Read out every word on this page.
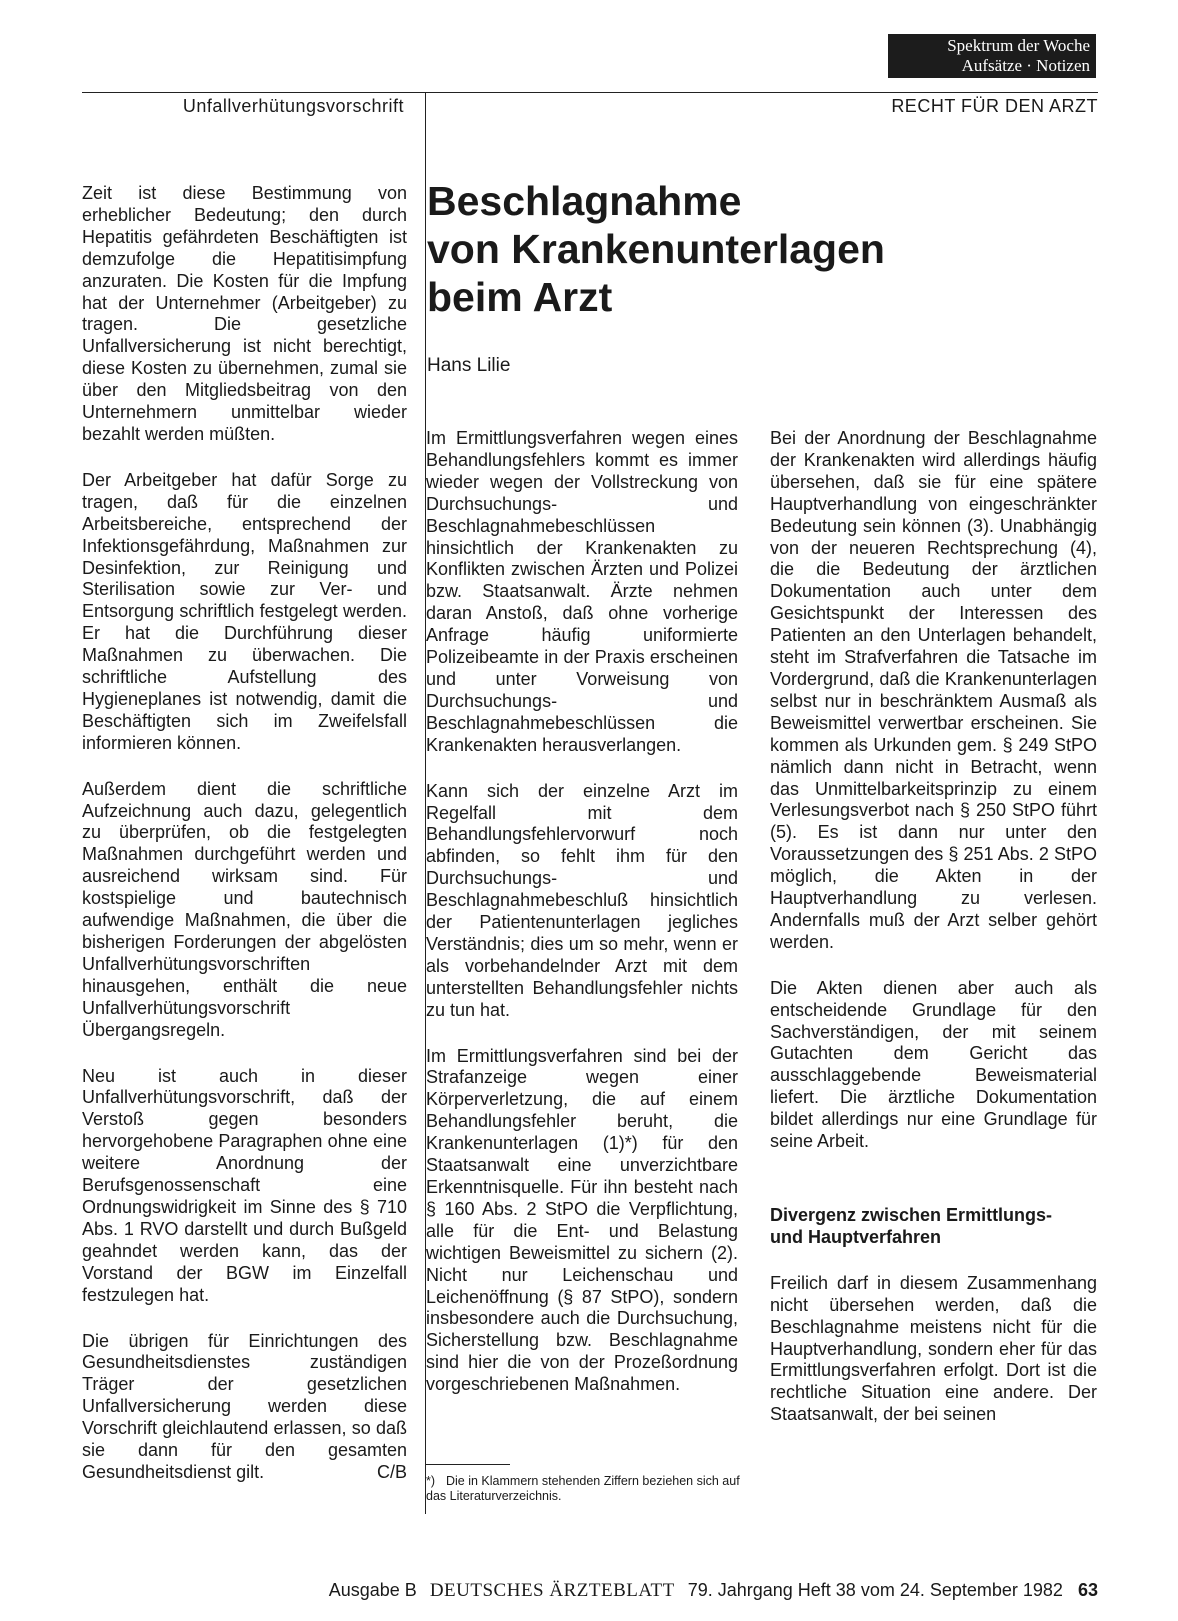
Spektrum der Woche
Aufsätze · Notizen
Unfallverhütungsvorschrift	RECHT FÜR DEN ARZT

Zeit ist diese Bestimmung von erheblicher Bedeutung; den durch Hepatitis gefährdeten Beschäftigten ist demzufolge die Hepatitisimpfung anzuraten. Die Kosten für die Impfung hat der Unternehmer (Arbeitgeber) zu tragen. Die gesetzliche Unfallversicherung ist nicht berechtigt, diese Kosten zu übernehmen, zumal sie über den Mitgliedsbeitrag von den Unternehmern unmittelbar wieder bezahlt werden müßten.

Der Arbeitgeber hat dafür Sorge zu tragen, daß für die einzelnen Arbeitsbereiche, entsprechend der Infektionsgefährdung, Maßnahmen zur Desinfektion, zur Reinigung und Sterilisation sowie zur Ver- und Entsorgung schriftlich festgelegt werden. Er hat die Durchführung dieser Maßnahmen zu überwachen. Die schriftliche Aufstellung des Hygieneplanes ist notwendig, damit die Beschäftigten sich im Zweifelsfall informieren können.

Außerdem dient die schriftliche Aufzeichnung auch dazu, gelegentlich zu überprüfen, ob die festgelegten Maßnahmen durchgeführt werden und ausreichend wirksam sind. Für kostspielige und bautechnisch aufwendige Maßnahmen, die über die bisherigen Forderungen der abgelösten Unfallverhütungsvorschriften hinausgehen, enthält die neue Unfallverhütungsvorschrift Übergangsregeln.

Neu ist auch in dieser Unfallverhütungsvorschrift, daß der Verstoß gegen besonders hervorgehobene Paragraphen ohne eine weitere Anordnung der Berufsgenossenschaft eine Ordnungswidrigkeit im Sinne des § 710 Abs. 1 RVO darstellt und durch Bußgeld geahndet werden kann, das der Vorstand der BGW im Einzelfall festzulegen hat.

Die übrigen für Einrichtungen des Gesundheitsdienstes zuständigen Träger der gesetzlichen Unfallversicherung werden diese Vorschrift gleichlautend erlassen, so daß sie dann für den gesamten Gesundheitsdienst gilt.	C/B

Beschlagnahme
von Krankenunterlagen
beim Arzt
Hans Lilie

Im Ermittlungsverfahren wegen eines Behandlungsfehlers kommt es immer wieder wegen der Vollstreckung von Durchsuchungs- und Beschlagnahmebeschlüssen hinsichtlich der Krankenakten zu Konflikten zwischen Ärzten und Polizei bzw. Staatsanwalt. Ärzte nehmen daran Anstoß, daß ohne vorherige Anfrage häufig uniformierte Polizeibeamte in der Praxis erscheinen und unter Vorweisung von Durchsuchungs- und Beschlagnahmebeschlüssen die Krankenakten herausverlangen.

Kann sich der einzelne Arzt im Regelfall mit dem Behandlungsfehlervorwurf noch abfinden, so fehlt ihm für den Durchsuchungs- und Beschlagnahmebeschluß hinsichtlich der Patientenunterlagen jegliches Verständnis; dies um so mehr, wenn er als vorbehandelnder Arzt mit dem unterstellten Behandlungsfehler nichts zu tun hat.

Im Ermittlungsverfahren sind bei der Strafanzeige wegen einer Körperverletzung, die auf einem Behandlungsfehler beruht, die Krankenunterlagen (1)*) für den Staatsanwalt eine unverzichtbare Erkenntnisquelle. Für ihn besteht nach § 160 Abs. 2 StPO die Verpflichtung, alle für die Ent- und Belastung wichtigen Beweismittel zu sichern (2). Nicht nur Leichenschau und Leichenöffnung (§ 87 StPO), sondern insbesondere auch die Durchsuchung, Sicherstellung bzw. Beschlagnahme sind hier die von der Prozeßordnung vorgeschriebenen Maßnahmen.

Bei der Anordnung der Beschlagnahme der Krankenakten wird allerdings häufig übersehen, daß sie für eine spätere Hauptverhandlung von eingeschränkter Bedeutung sein können (3). Unabhängig von der neueren Rechtsprechung (4), die die Bedeutung der ärztlichen Dokumentation auch unter dem Gesichtspunkt der Interessen des Patienten an den Unterlagen behandelt, steht im Strafverfahren die Tatsache im Vordergrund, daß die Krankenunterlagen selbst nur in beschränktem Ausmaß als Beweismittel verwertbar erscheinen. Sie kommen als Urkunden gem. § 249 StPO nämlich dann nicht in Betracht, wenn das Unmittelbarkeitsprinzip zu einem Verlesungsverbot nach § 250 StPO führt (5). Es ist dann nur unter den Voraussetzungen des § 251 Abs. 2 StPO möglich, die Akten in der Hauptverhandlung zu verlesen. Andernfalls muß der Arzt selber gehört werden.

Die Akten dienen aber auch als entscheidende Grundlage für den Sachverständigen, der mit seinem Gutachten dem Gericht das ausschlaggebende Beweismaterial liefert. Die ärztliche Dokumentation bildet allerdings nur eine Grundlage für seine Arbeit.

Divergenz zwischen Ermittlungs-
und Hauptverfahren

Freilich darf in diesem Zusammenhang nicht übersehen werden, daß die Beschlagnahme meistens nicht für die Hauptverhandlung, sondern eher für das Ermittlungsverfahren erfolgt. Dort ist die rechtliche Situation eine andere. Der Staatsanwalt, der bei seinen

*) Die in Klammern stehenden Ziffern beziehen sich auf das Literaturverzeichnis.
Ausgabe B DEUTSCHES ÄRZTEBLATT 79. Jahrgang Heft 38 vom 24. September 1982 63
